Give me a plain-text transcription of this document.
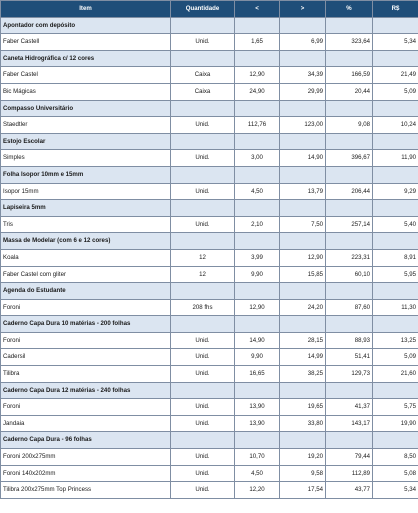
Item	Quantidade	<	>	%	R$
Apontador com depósito					
Faber Castell	Unid.	1,65	6,99	323,64	5,34
Caneta Hidrográfica c/ 12 cores					
Faber Castel	Caixa	12,90	34,39	166,59	21,49
Bic Mágicas	Caixa	24,90	29,99	20,44	5,09
Compasso Universitário					
Staedtler	Unid.	112,76	123,00	9,08	10,24
Estojo Escolar					
Simples	Unid.	3,00	14,90	396,67	11,90
Folha Isopor 10mm e 15mm					
Isopor 15mm	Unid.	4,50	13,79	206,44	9,29
Lapiseira 5mm					
Tris	Unid.	2,10	7,50	257,14	5,40
Massa de Modelar (com 6 e 12 cores)					
Koala	12	3,99	12,90	223,31	8,91
Faber Castel com gliter	12	9,90	15,85	60,10	5,95
Agenda do Estudante					
Foroni	208 fhs	12,90	24,20	87,60	11,30
Caderno Capa Dura 10 matérias - 200 folhas					
Foroni	Unid.	14,90	28,15	88,93	13,25
Cadersil	Unid.	9,90	14,99	51,41	5,09
Tilibra	Unid.	16,65	38,25	129,73	21,60
Caderno Capa Dura 12 matérias - 240 folhas					
Foroni	Unid.	13,90	19,65	41,37	5,75
Jandaia	Unid.	13,90	33,80	143,17	19,90
Caderno Capa Dura - 96 folhas					
Foroni 200x275mm	Unid.	10,70	19,20	79,44	8,50
Foroni 140x202mm	Unid.	4,50	9,58	112,89	5,08
Tilibra 200x275mm Top Princess	Unid.	12,20	17,54	43,77	5,34
